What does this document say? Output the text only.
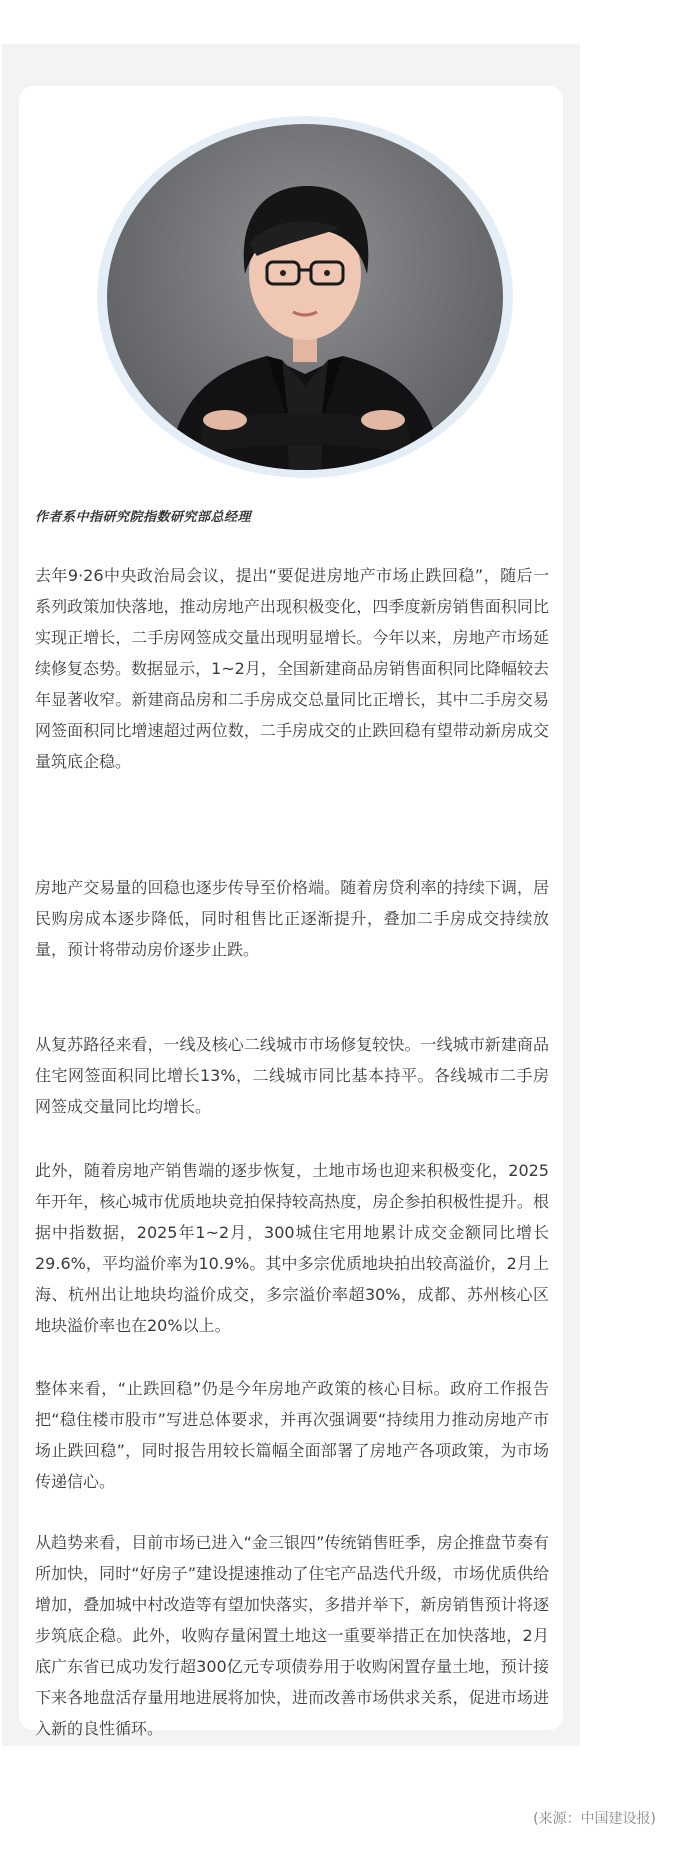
作者系中指研究院指数研究部总经理

去年9·26中央政治局会议，提出“要促进房地产市场止跌回稳”，随后一系列政策加快落地，推动房地产出现积极变化，四季度新房销售面积同比实现正增长，二手房网签成交量出现明显增长。今年以来，房地产市场延续修复态势。数据显示，1~2月，全国新建商品房销售面积同比降幅较去年显著收窄。新建商品房和二手房成交总量同比正增长，其中二手房交易网签面积同比增速超过两位数，二手房成交的止跌回稳有望带动新房成交量筑底企稳。

房地产交易量的回稳也逐步传导至价格端。随着房贷利率的持续下调，居民购房成本逐步降低，同时租售比正逐渐提升，叠加二手房成交持续放量，预计将带动房价逐步止跌。

从复苏路径来看，一线及核心二线城市市场修复较快。一线城市新建商品住宅网签面积同比增长13%，二线城市同比基本持平。各线城市二手房网签成交量同比均增长。

此外，随着房地产销售端的逐步恢复，土地市场也迎来积极变化，2025年开年，核心城市优质地块竞拍保持较高热度，房企参拍积极性提升。根据中指数据，2025年1~2月，300城住宅用地累计成交金额同比增长29.6%，平均溢价率为10.9%。其中多宗优质地块拍出较高溢价，2月上海、杭州出让地块均溢价成交，多宗溢价率超30%，成都、苏州核心区地块溢价率也在20%以上。

整体来看，“止跌回稳”仍是今年房地产政策的核心目标。政府工作报告把“稳住楼市股市”写进总体要求，并再次强调要“持续用力推动房地产市场止跌回稳”，同时报告用较长篇幅全面部署了房地产各项政策，为市场传递信心。

从趋势来看，目前市场已进入“金三银四”传统销售旺季，房企推盘节奏有所加快，同时“好房子”建设提速推动了住宅产品迭代升级，市场优质供给增加，叠加城中村改造等有望加快落实，多措并举下，新房销售预计将逐步筑底企稳。此外，收购存量闲置土地这一重要举措正在加快落地，2月底广东省已成功发行超300亿元专项债券用于收购闲置存量土地，预计接下来各地盘活存量用地进展将加快，进而改善市场供求关系，促进市场进入新的良性循环。

(来源：中国建设报)
